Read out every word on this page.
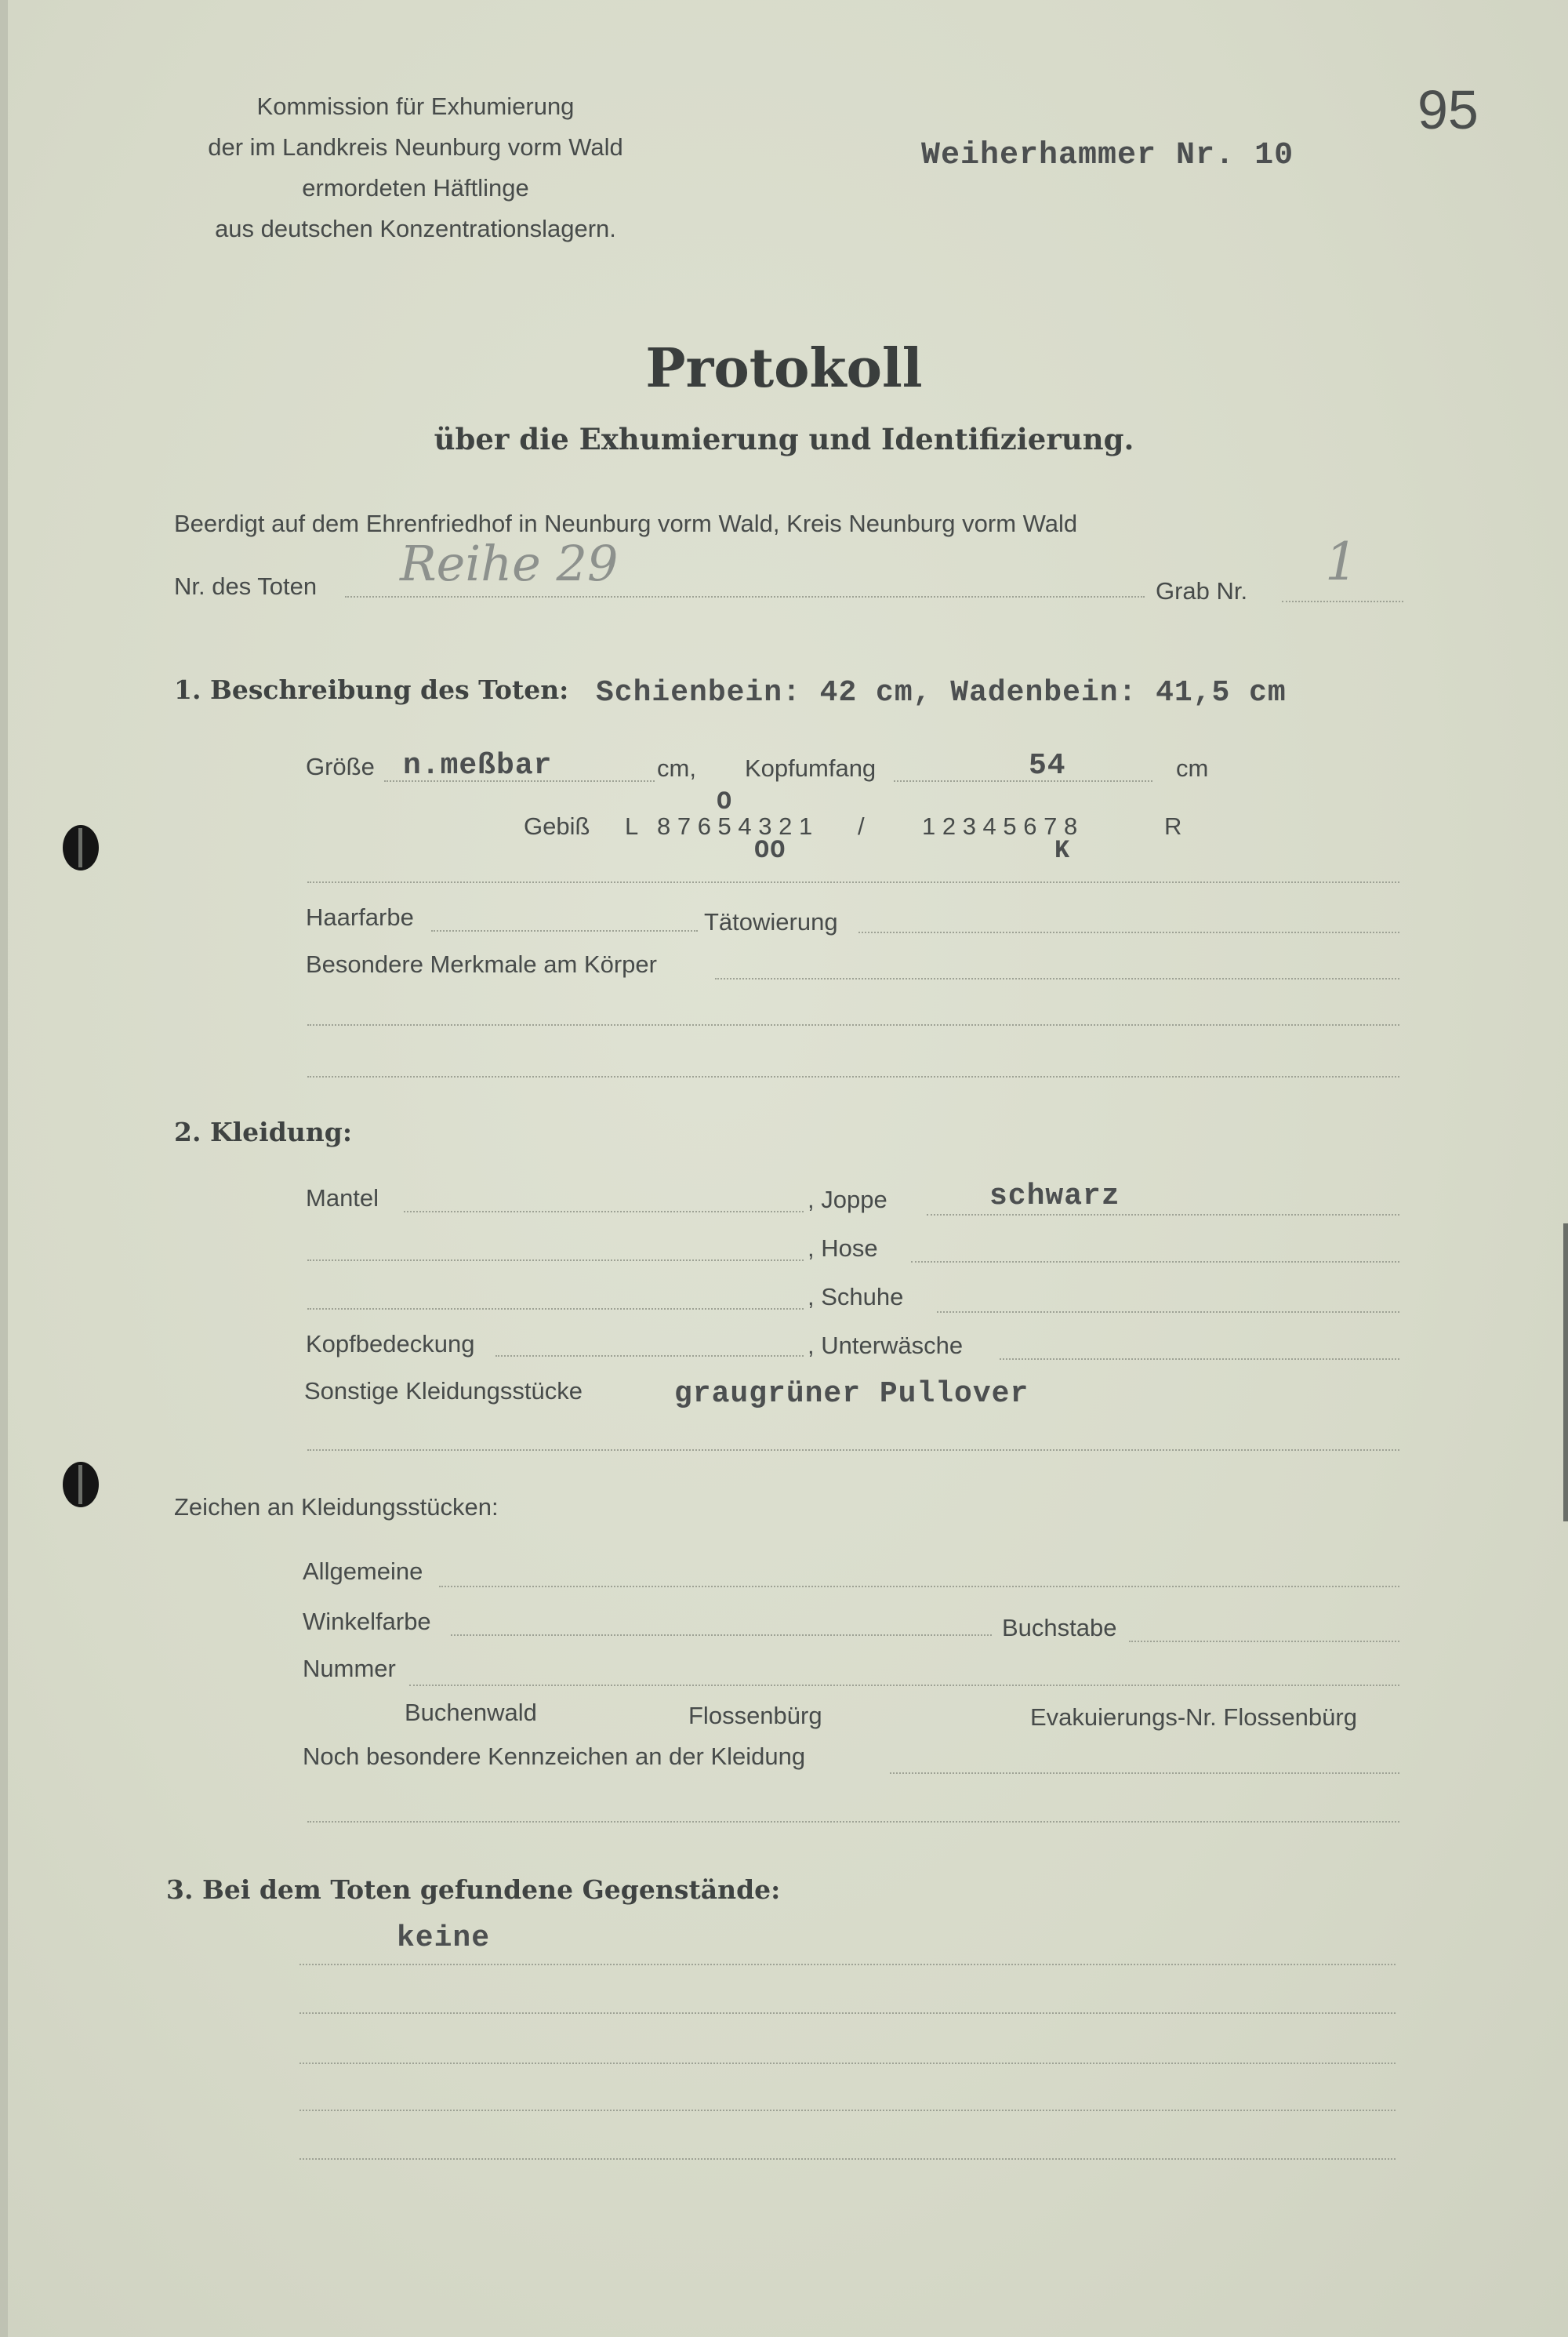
Kommission für Exhumierung
der im Landkreis Neunburg vorm Wald
ermordeten Häftlinge
aus deutschen Konzentrationslagern.
Weiherhammer Nr. 10
95
Protokoll
über die Exhumierung und Identifizierung.
Beerdigt auf dem Ehrenfriedhof in Neunburg vorm Wald, Kreis Neunburg vorm Wald
Nr. des Toten Reihe 29	Grab Nr. 1
1. Beschreibung des Toten: Schienbein: 42 cm, Wadenbein: 41,5 cm
Größe n.meßbar	cm, Kopfumfang	54	cm
Gebiß L 8 7 6 5 4 3 2 1 / 1 2 3 4 5 6 7 8	R
O
OO	K
Haarfarbe	Tätowierung
Besondere Merkmale am Körper
2. Kleidung:
Mantel	, Joppe	schwarz
, Hose
, Schuhe
Kopfbedeckung	, Unterwäsche
Sonstige Kleidungsstücke	graugrüner Pullover
Zeichen an Kleidungsstücken:
Allgemeine
Winkelfarbe	Buchstabe
Nummer
Buchenwald	Flossenbürg	Evakuierungs-Nr. Flossenbürg
Noch besondere Kennzeichen an der Kleidung
3. Bei dem Toten gefundene Gegenstände:
keine
